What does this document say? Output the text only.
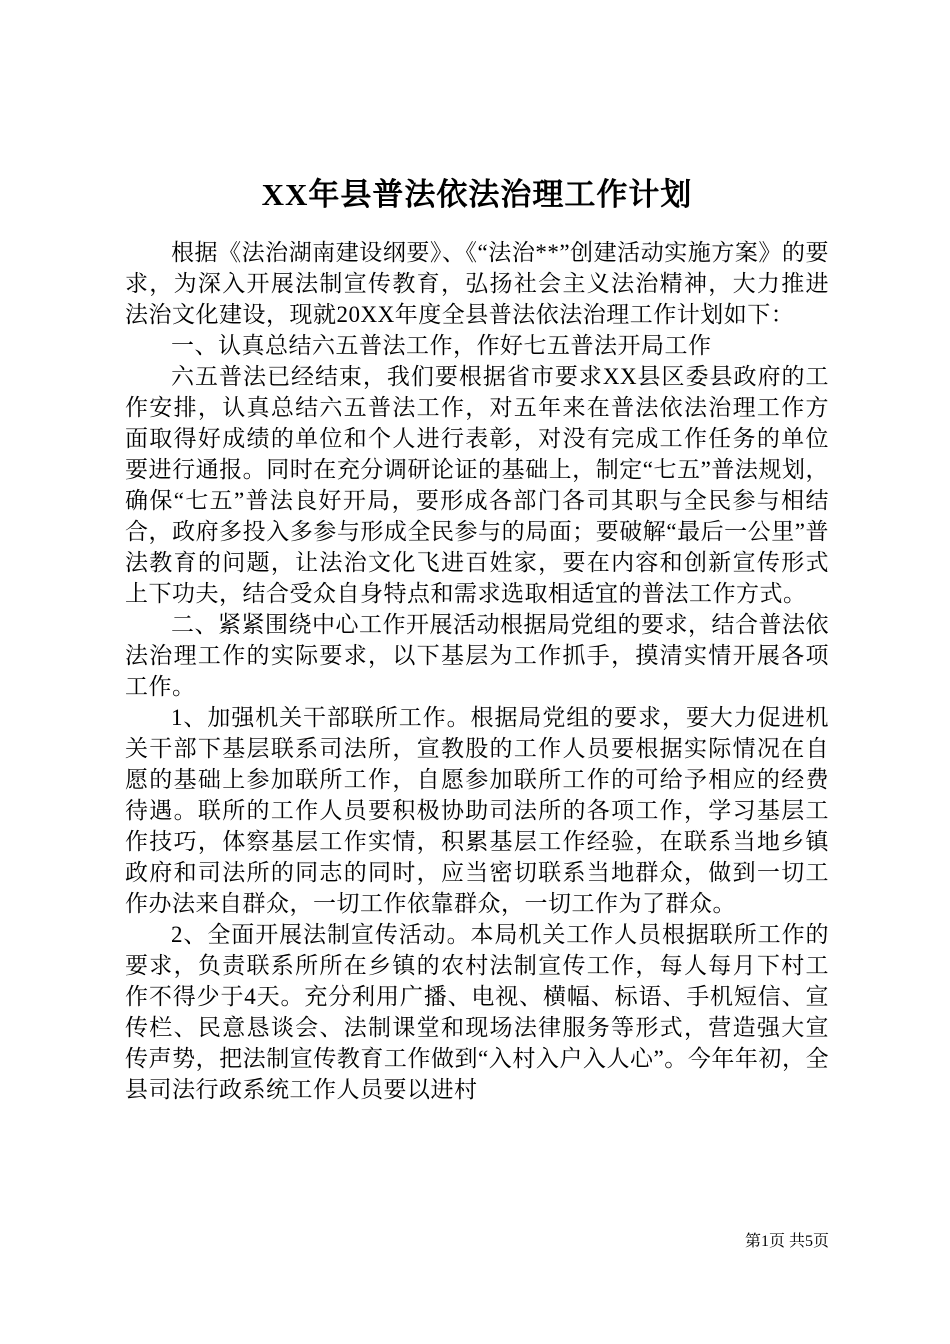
XX年县普法依法治理工作计划

根据《法治湖南建设纲要》、《“法治**”创建活动实施方案》的要求，为深入开展法制宣传教育，弘扬社会主义法治精神，大力推进法治文化建设，现就20XX年度全县普法依法治理工作计划如下：

一、认真总结六五普法工作，作好七五普法开局工作

六五普法已经结束，我们要根据省市要求XX县区委县政府的工作安排，认真总结六五普法工作，对五年来在普法依法治理工作方面取得好成绩的单位和个人进行表彰，对没有完成工作任务的单位要进行通报。同时在充分调研论证的基础上，制定“七五”普法规划，确保“七五”普法良好开局，要形成各部门各司其职与全民参与相结合，政府多投入多参与形成全民参与的局面；要破解“最后一公里”普法教育的问题，让法治文化飞进百姓家，要在内容和创新宣传形式上下功夫，结合受众自身特点和需求选取相适宜的普法工作方式。

二、紧紧围绕中心工作开展活动根据局党组的要求，结合普法依法治理工作的实际要求，以下基层为工作抓手，摸清实情开展各项工作。

1、加强机关干部联所工作。根据局党组的要求，要大力促进机关干部下基层联系司法所，宣教股的工作人员要根据实际情况在自愿的基础上参加联所工作，自愿参加联所工作的可给予相应的经费待遇。联所的工作人员要积极协助司法所的各项工作，学习基层工作技巧，体察基层工作实情，积累基层工作经验，在联系当地乡镇政府和司法所的同志的同时，应当密切联系当地群众，做到一切工作办法来自群众，一切工作依靠群众，一切工作为了群众。

2、全面开展法制宣传活动。本局机关工作人员根据联所工作的要求，负责联系所所在乡镇的农村法制宣传工作，每人每月下村工作不得少于4天。充分利用广播、电视、横幅、标语、手机短信、宣传栏、民意恳谈会、法制课堂和现场法律服务等形式，营造强大宣传声势，把法制宣传教育工作做到“入村入户入人心”。今年年初，全县司法行政系统工作人员要以进村

第1页 共5页
